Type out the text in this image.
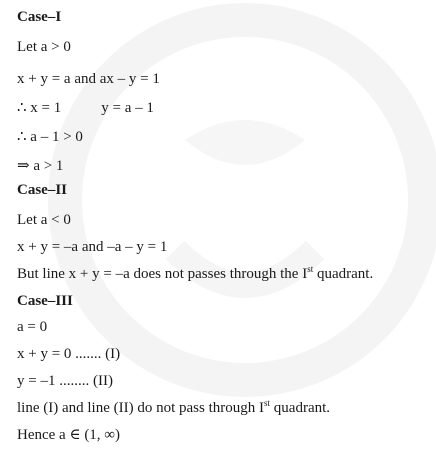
Case–I
Let a > 0
x + y = a and ax – y = 1
∴ x = 1	y = a – 1
∴ a – 1 > 0
⇒ a > 1
Case–II
Let a < 0
x + y = –a and –a – y = 1
But line x + y = –a does not passes through the Ist quadrant.
Case–III
a = 0
x + y = 0 ....... (I)
y = –1 ........ (II)
line (I) and line (II) do not pass through Ist quadrant.
Hence a ∈ (1, ∞)
